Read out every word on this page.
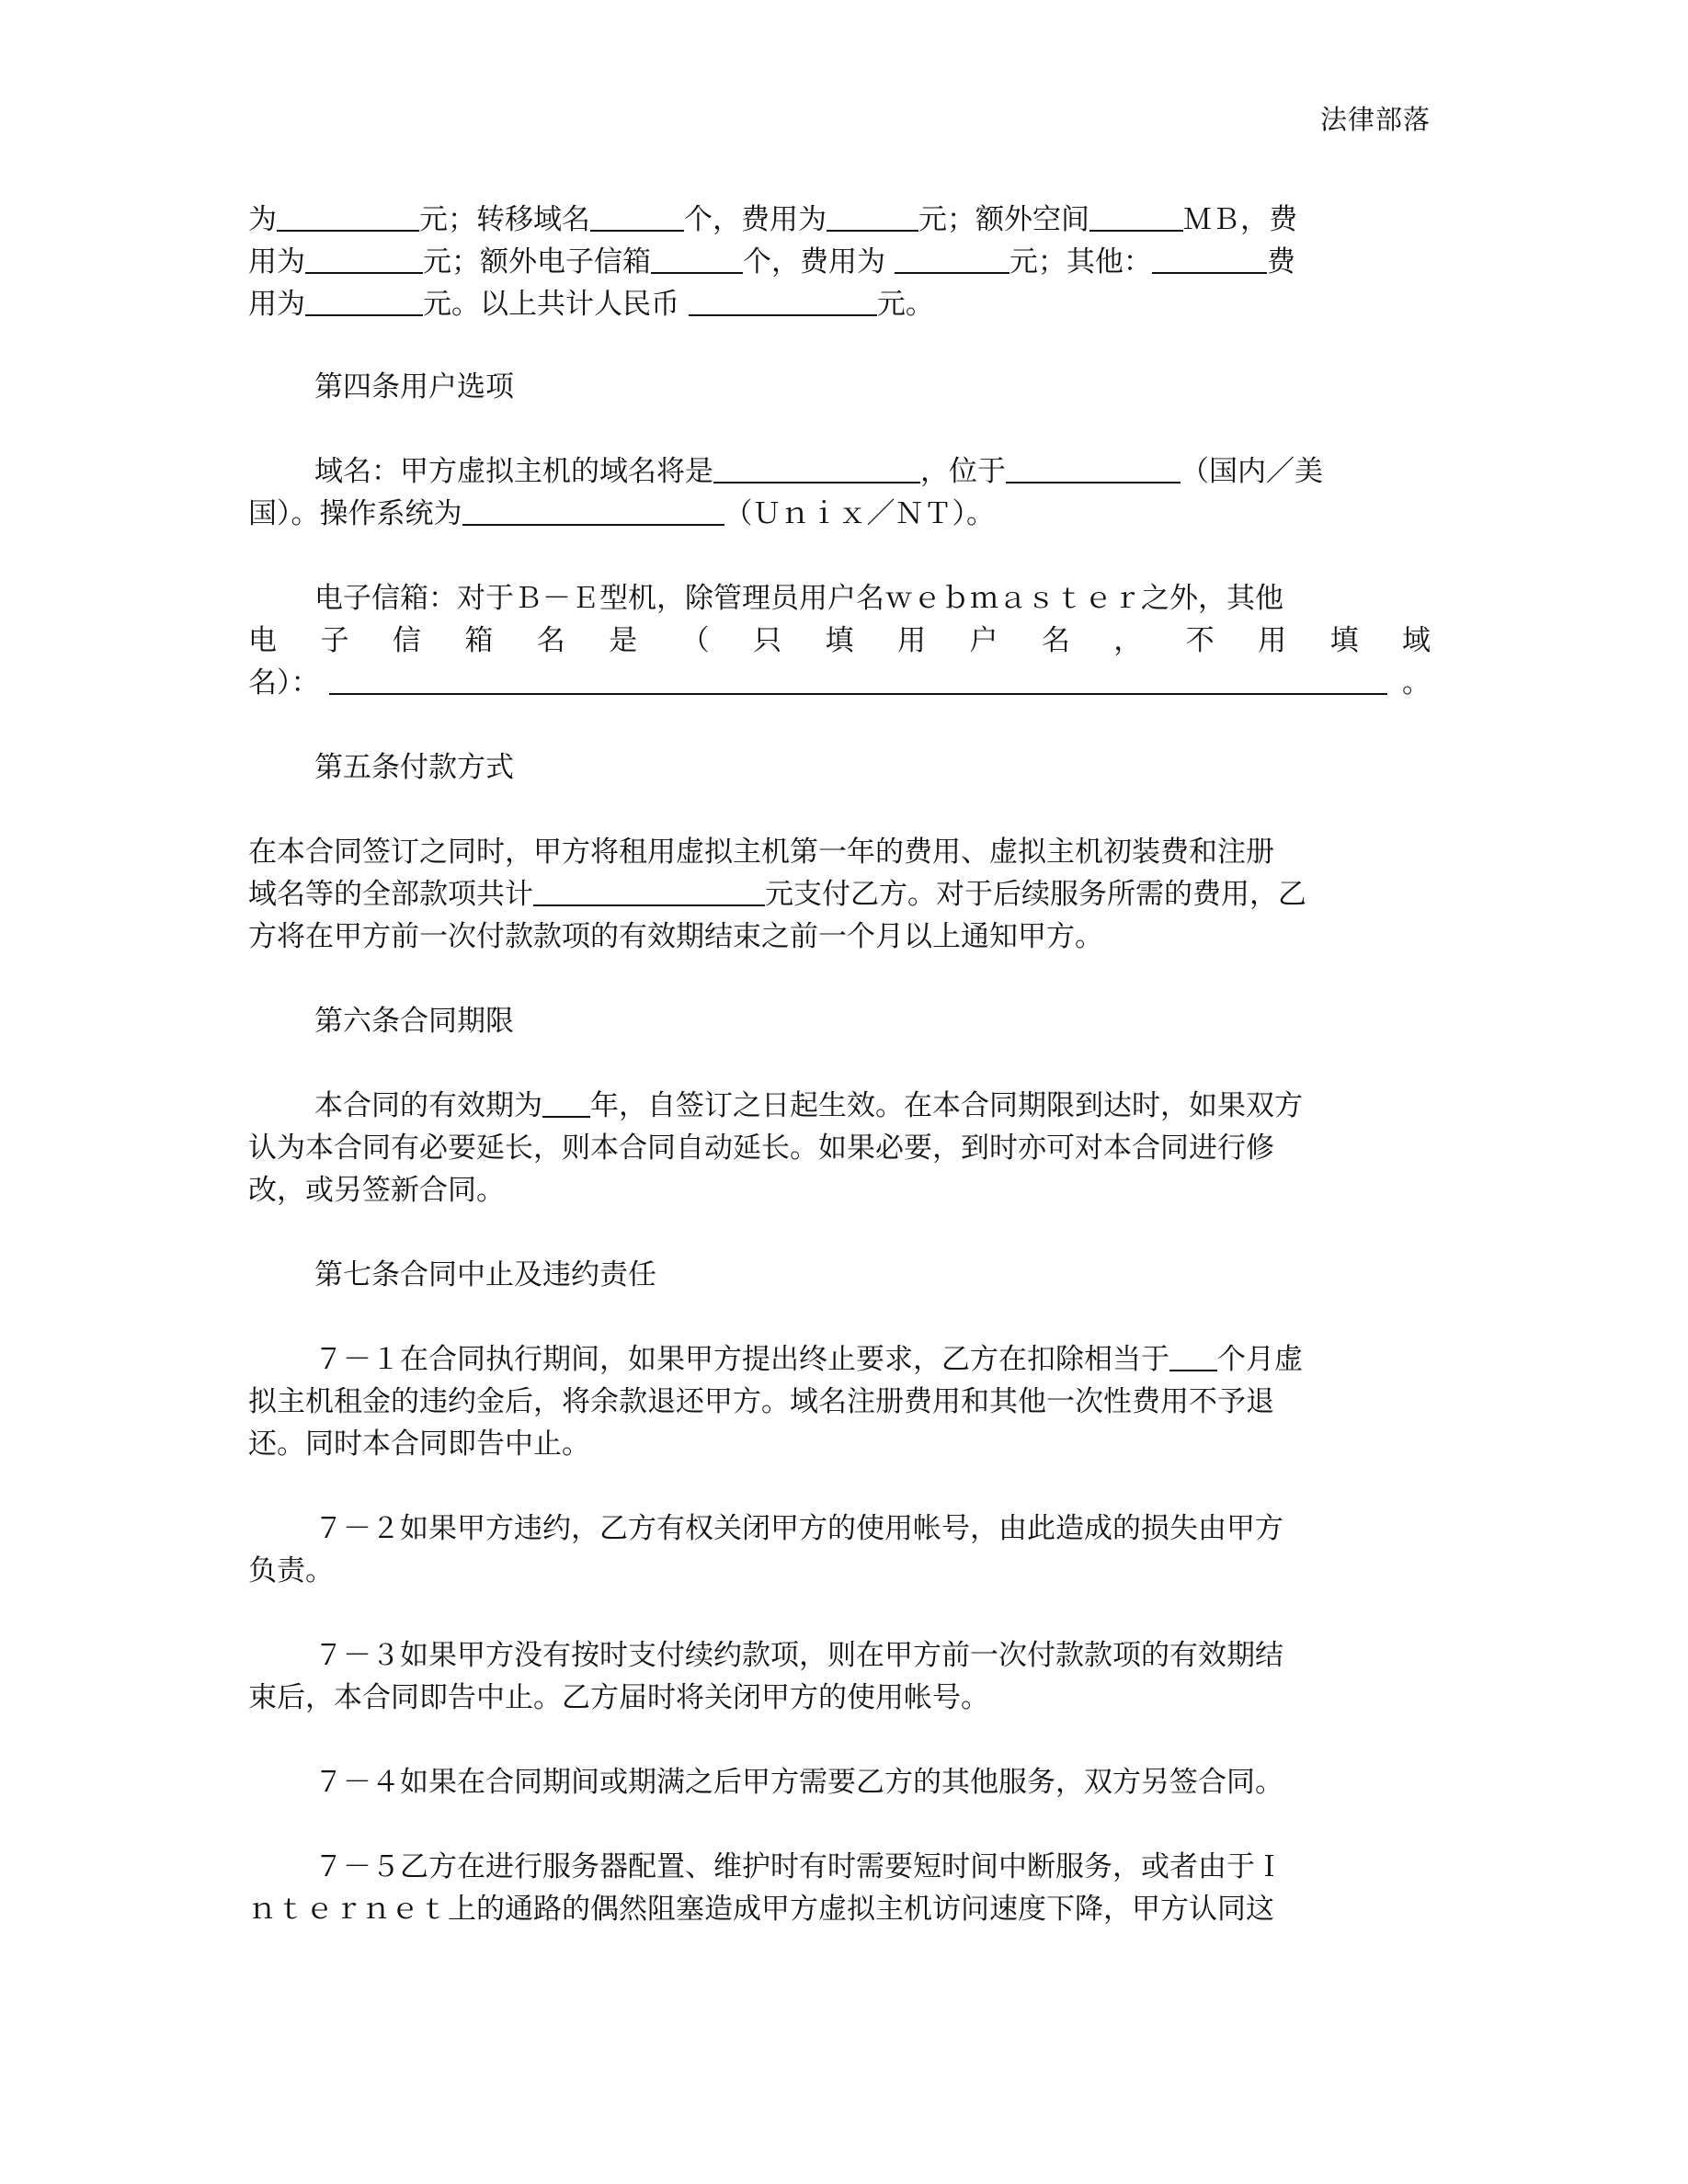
法律部落
为	元；转移域名	个，费用为	元；额外空间	ＭＢ，费
用为	元；额外电子信箱	个，费用为	元；其他：	费
用为	元。以上共计人民币	元。
第四条用户选项
域名：甲方虚拟主机的域名将是	，位于	（国内／美
国）。操作系统为	（Ｕｎｉｘ／ＮＴ）。
电子信箱：对于Ｂ－Ｅ型机，除管理员用户名ｗｅｂｍａｓｔｅｒ之外，其他
电 子 信 箱 名 是 （ 只 填 用 户 名 ， 不 用 填 域
名）：	。
第五条付款方式
在本合同签订之同时，甲方将租用虚拟主机第一年的费用、虚拟主机初装费和注册
域名等的全部款项共计	元支付乙方。对于后续服务所需的费用，乙
方将在甲方前一次付款款项的有效期结束之前一个月以上通知甲方。
第六条合同期限
本合同的有效期为 年，自签订之日起生效。在本合同期限到达时，如果双方
认为本合同有必要延长，则本合同自动延长。如果必要，到时亦可对本合同进行修
改，或另签新合同。
第七条合同中止及违约责任
７－１在合同执行期间，如果甲方提出终止要求，乙方在扣除相当于 个月虚
拟主机租金的违约金后，将余款退还甲方。域名注册费用和其他一次性费用不予退
还。同时本合同即告中止。
７－２如果甲方违约，乙方有权关闭甲方的使用帐号，由此造成的损失由甲方
负责。
７－３如果甲方没有按时支付续约款项，则在甲方前一次付款款项的有效期结
束后，本合同即告中止。乙方届时将关闭甲方的使用帐号。
７－４如果在合同期间或期满之后甲方需要乙方的其他服务，双方另签合同。
７－５乙方在进行服务器配置、维护时有时需要短时间中断服务，或者由于Ｉ
ｎｔｅｒｎｅｔ上的通路的偶然阻塞造成甲方虚拟主机访问速度下降，甲方认同这
